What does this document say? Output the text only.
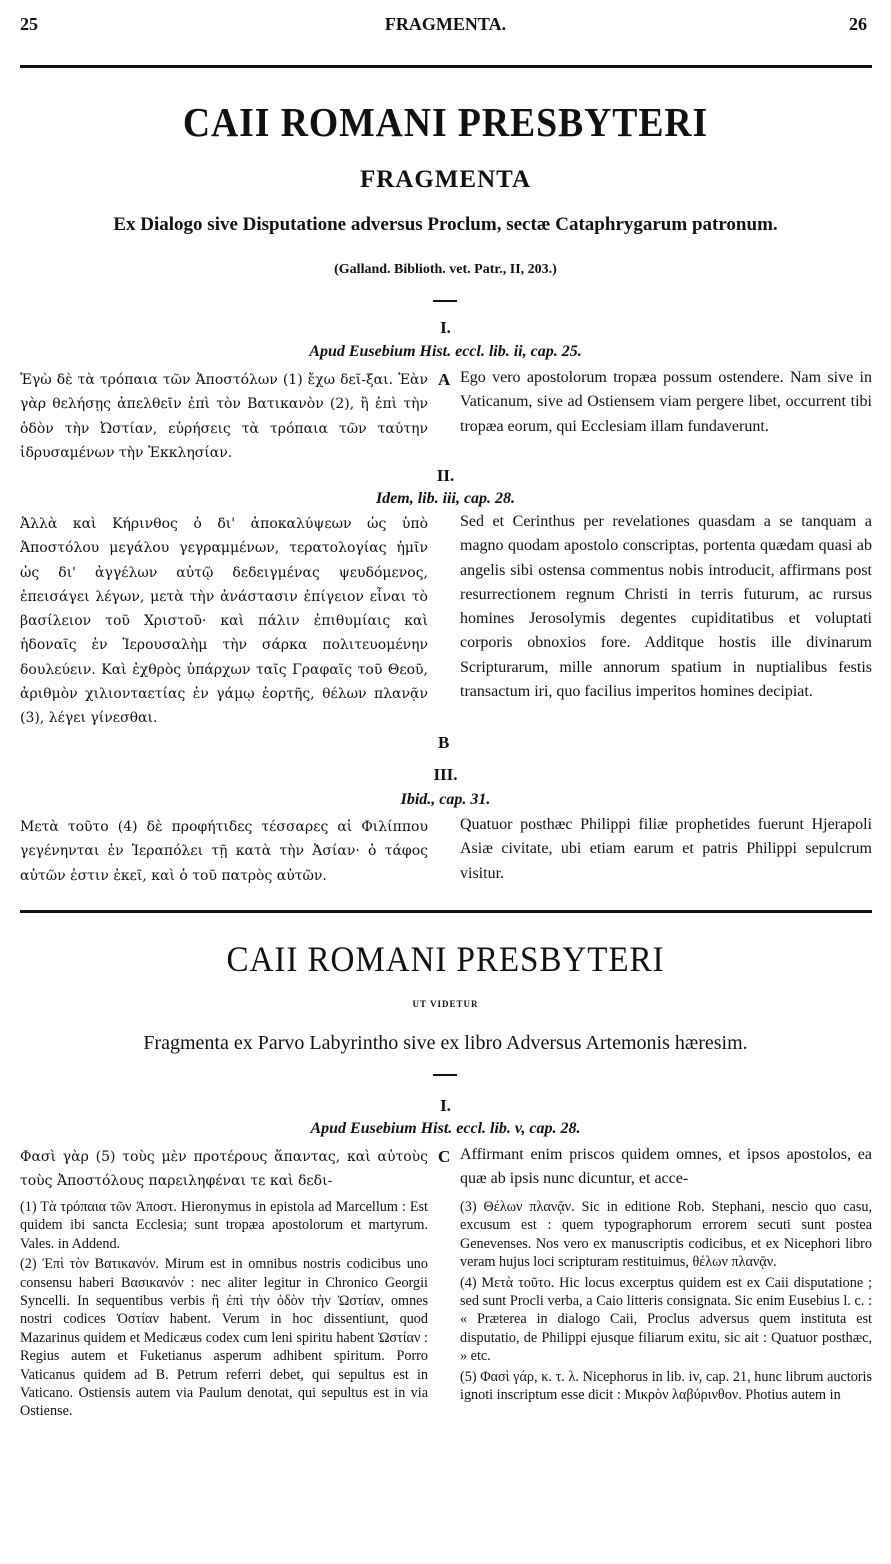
25	FRAGMENTA.	26
CAII ROMANI PRESBYTERI
FRAGMENTA
Ex Dialogo sive Disputatione adversus Proclum, sectæ Cataphrygarum patronum.
(Galland. Biblioth. vet. Patr., II, 203.)
I.
Apud Eusebium Hist. eccl. lib. ii, cap. 25.

Ἐγὼ δὲ τὰ τρόπαια τῶν Ἀποστόλων (1) ἔχω δεῖ-ξαι. Ἐὰν γὰρ θελήσῃς ἀπελθεῖν ἐπὶ τὸν Βατικανὸν (2), ἢ ἐπὶ τὴν ὁδὸν τὴν Ὠστίαν, εὑρήσεις τὰ τρόπαια τῶν ταύτην ἱδρυσαμένων τὴν Ἐκκλησίαν.

A Ego vero apostolorum tropæa possum ostendere. Nam sive in Vaticanum, sive ad Ostiensem viam pergere libet, occurrent tibi tropæa eorum, qui Ecclesiam illam fundaverunt.

II.
Idem, lib. iii, cap. 28.

Ἀλλὰ καὶ Κήρινθος ὁ δι' ἀποκαλύψεων ὡς ὑπὸ Ἀποστόλου μεγάλου γεγραμμένων, τερατολογίας ἡμῖν ὡς δι' ἀγγέλων αὐτῷ δεδειγμένας ψευδόμενος, ἐπεισάγει λέγων, μετὰ τὴν ἀνάστασιν ἐπίγειον εἶναι τὸ βασίλειον τοῦ Χριστοῦ· καὶ πάλιν ἐπιθυμίαις καὶ ἡδοναῖς ἐν Ἱερουσαλὴμ τὴν σάρκα πολιτευομένην δουλεύειν. Καὶ ἐχθρὸς ὑπάρχων ταῖς Γραφαῖς τοῦ Θεοῦ, ἀριθμὸν χιλιονταετίας ἐν γάμῳ ἑορτῆς, θέλων πλανᾷν (3), λέγει γίνεσθαι.

Sed et Cerinthus per revelationes quasdam a se tanquam a magno quodam apostolo conscriptas, portenta quædam quasi ab angelis sibi ostensa commentus nobis introducit, affirmans post resurrectionem regnum Christi in terris futurum, ac rursus homines Jerosolymis degentes cupiditatibus et voluptati corporis obnoxios fore. Additque hostis ille divinarum Scripturarum, mille annorum spatium in nuptialibus festis transactum iri, quo facilius imperitos homines decipiat.

B
III.
Ibid., cap. 31.

Μετὰ τοῦτο (4) δὲ προφήτιδες τέσσαρες αἱ Φιλίππου γεγένηνται ἐν Ἱεραπόλει τῇ κατὰ τὴν Ἀσίαν· ὁ τάφος αὐτῶν ἐστιν ἐκεῖ, καὶ ὁ τοῦ πατρὸς αὐτῶν.

Quatuor posthæc Philippi filiæ prophetides fuerunt Hjerapoli Asiæ civitate, ubi etiam earum et patris Philippi sepulcrum visitur.

CAII ROMANI PRESBYTERI
UT VIDETUR
Fragmenta ex Parvo Labyrintho sive ex libro Adversus Artemonis hæresim.
I.
Apud Eusebium Hist. eccl. lib. v, cap. 28.

Φασὶ γὰρ (5) τοὺς μὲν προτέρους ἅπαντας, καὶ αὐτοὺς τοὺς Ἀποστόλους παρειληφέναι τε καὶ δεδι-

C Affirmant enim priscos quidem omnes, et ipsos apostolos, ea quæ ab ipsis nunc dicuntur, et acce-

(1) Τὰ τρόπαια τῶν Ἀποστ. Hieronymus in epistola ad Marcellum : Est quidem ibi sancta Ecclesia; sunt tropæa apostolorum et martyrum. Vales. in Addend.

(2) Ἐπὶ τὸν Βατικανόν. Mirum est in omnibus nostris codicibus uno consensu haberi Βασικανόν : nec aliter legitur in Chronico Georgii Syncelli. In sequentibus verbis ἢ ἐπὶ τὴν ὁδὸν τὴν Ὠστίαν, omnes nostri codices Ὀστίαν habent. Verum in hoc dissentiunt, quod Mazarinus quidem et Medicæus codex cum leni spiritu habent Ὠστίαν : Regius autem et Fuketianus asperum adhibent spiritum. Porro Vaticanus quidem ad B. Petrum referri debet, qui sepultus est in Vaticano. Ostiensis autem via Paulum denotat, qui sepultus est in via Ostiense.

(3) Θέλων πλανᾷν. Sic in editione Rob. Stephani, nescio quo casu, excusum est : quem typographorum errorem secuti sunt postea Genevenses. Nos vero ex manuscriptis codicibus, et ex Nicephori libro veram hujus loci scripturam restituimus, θέλων πλανᾷν.

(4) Μετὰ τοῦτο. Hic locus excerptus quidem est ex Caii disputatione ; sed sunt Procli verba, a Caio litteris consignata. Sic enim Eusebius l. c. : « Præterea in dialogo Caii, Proclus adversus quem instituta est disputatio, de Philippi ejusque filiarum exitu, sic ait : Quatuor posthæc, » etc.

(5) Φασὶ γάρ, κ. τ. λ. Nicephorus in lib. iv, cap. 21, hunc librum auctoris ignoti inscriptum esse dicit : Μικρὸν λαβύρινθον. Photius autem in
